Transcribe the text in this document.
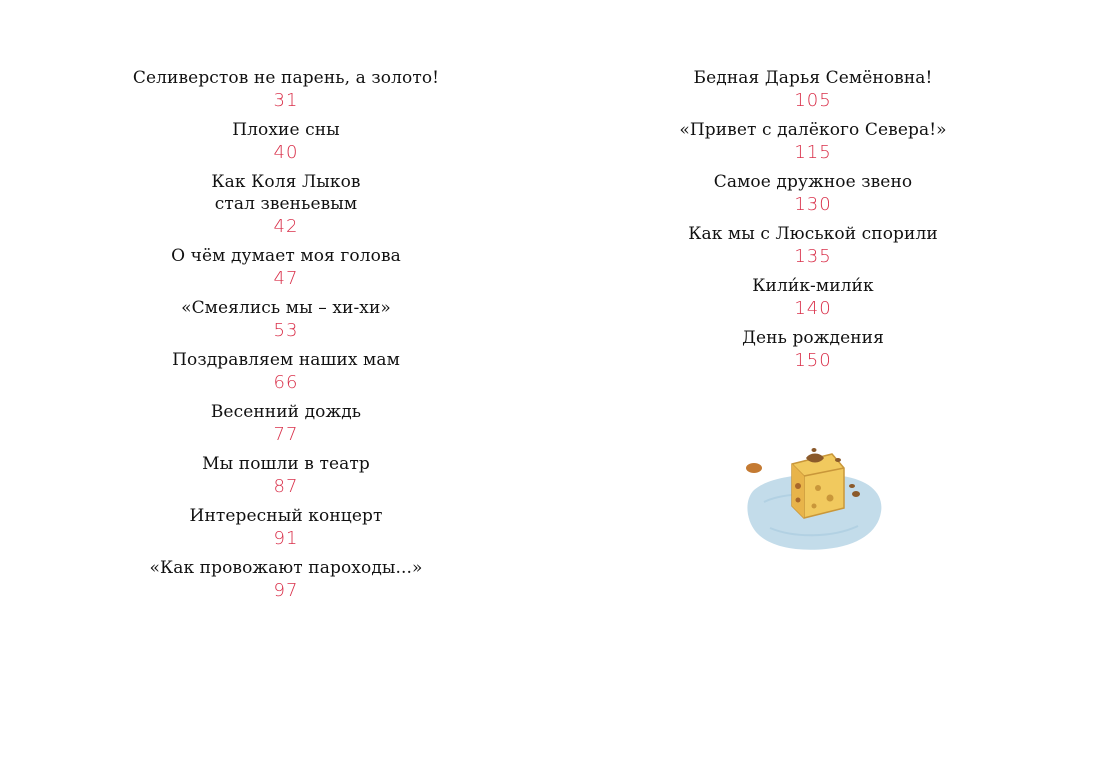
Селиверстов не парень, а золото!
31
Плохие сны
40
Как Коля Лыков стал звеньевым
42
О чём думает моя голова
47
«Смеялись мы – хи-хи»
53
Поздравляем наших мам
66
Весенний дождь
77
Мы пошли в театр
87
Интересный концерт
91
«Как провожают пароходы...»
97
Бедная Дарья Семёновна!
105
«Привет с далёкого Севера!»
115
Самое дружное звено
130
Как мы с Люськой спорили
135
Кили́к-мили́к
140
День рождения
150
